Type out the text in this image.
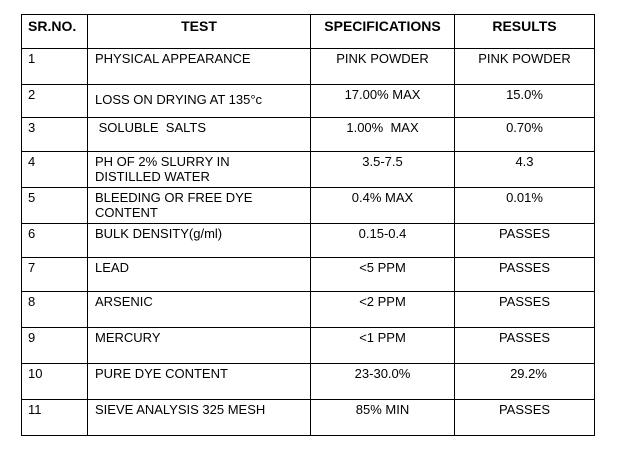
SR.NO.	TEST	SPECIFICATIONS	RESULTS
1	PHYSICAL APPEARANCE	PINK POWDER	PINK POWDER
2	LOSS ON DRYING AT 135°c	17.00% MAX	15.0%
3	SOLUBLE  SALTS	1.00%  MAX	0.70%
4	PH OF 2% SLURRY IN DISTILLED WATER	3.5-7.5	4.3
5	BLEEDING OR FREE DYE CONTENT	0.4% MAX	0.01%
6	BULK DENSITY(g/ml)	0.15-0.4	PASSES
7	LEAD	<5 PPM	PASSES
8	ARSENIC	<2 PPM	PASSES
9	MERCURY	<1 PPM	PASSES
10	PURE DYE CONTENT	23-30.0%	29.2%
11	SIEVE ANALYSIS 325 MESH	85% MIN	PASSES
